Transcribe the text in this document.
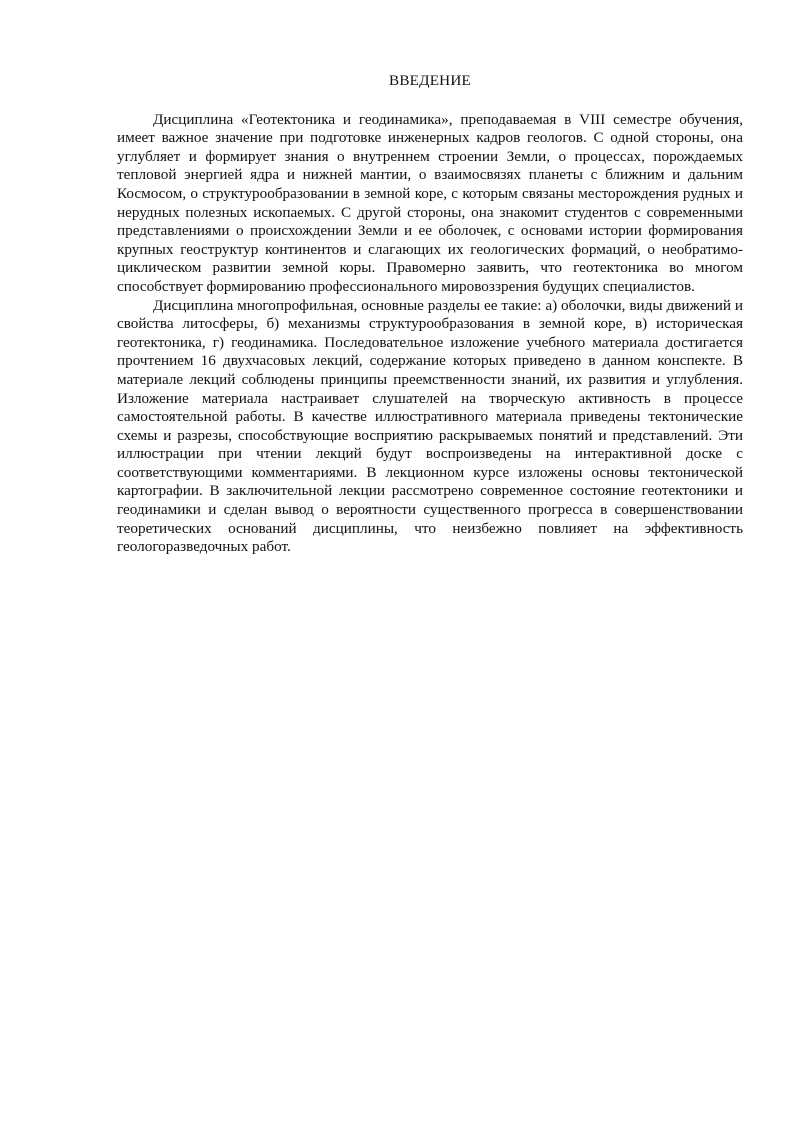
ВВЕДЕНИЕ

Дисциплина «Геотектоника и геодинамика», преподаваемая в VIII семестре обучения, имеет важное значение при подготовке инженерных кадров геологов. С одной стороны, она углубляет и формирует знания о внутреннем строении Земли, о процессах, порождаемых тепловой энергией ядра и нижней мантии, о взаимосвязях планеты с ближним и дальним Космосом, о структурообразовании в земной коре, с которым связаны месторождения рудных и нерудных полезных ископаемых. С другой стороны, она знакомит студентов с современными представлениями о происхождении Земли и ее оболочек, с основами истории формирования крупных геоструктур континентов и слагающих их геологических формаций, о необратимо-циклическом развитии земной коры. Правомерно заявить, что геотектоника во многом способствует формированию профессионального мировоззрения будущих специалистов.

Дисциплина многопрофильная, основные разделы ее такие: а) оболочки, виды движений и свойства литосферы, б) механизмы структурообразования в земной коре, в) историческая геотектоника, г) геодинамика. Последовательное изложение учебного материала достигается прочтением 16 двухчасовых лекций, содержание которых приведено в данном конспекте. В материале лекций соблюдены принципы преемственности знаний, их развития и углубления. Изложение материала настраивает слушателей на творческую активность в процессе самостоятельной работы. В качестве иллюстративного материала приведены тектонические схемы и разрезы, способствующие восприятию раскрываемых понятий и представлений. Эти иллюстрации при чтении лекций будут воспроизведены на интерактивной доске с соответствующими комментариями. В лекционном курсе изложены основы тектонической картографии. В заключительной лекции рассмотрено современное состояние геотектоники и геодинамики и сделан вывод о вероятности существенного прогресса в совершенствовании теоретических оснований дисциплины, что неизбежно повлияет на эффективность геологоразведочных работ.
